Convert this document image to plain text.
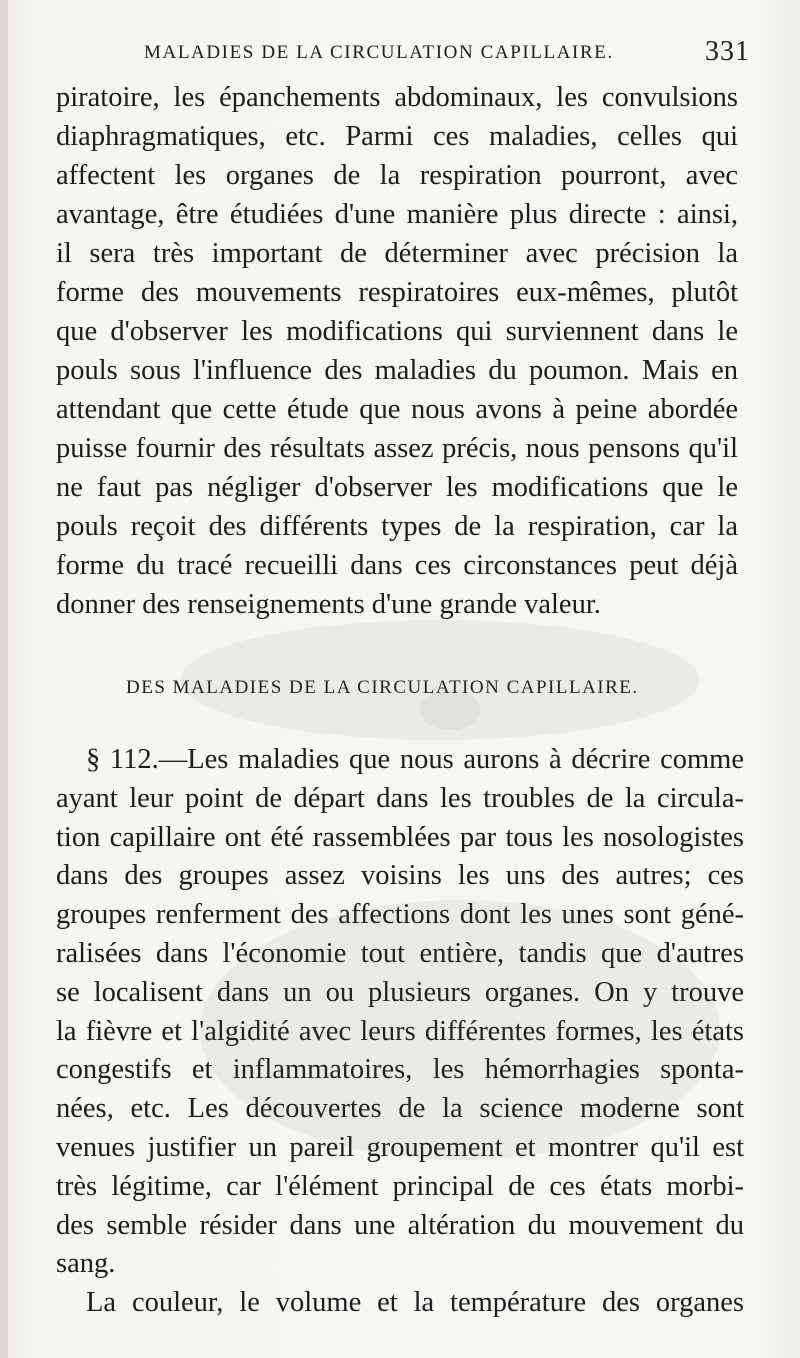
MALADIES DE LA CIRCULATION CAPILLAIRE.	331
piratoire, les épanchements abdominaux, les convulsions
diaphragmatiques, etc. Parmi ces maladies, celles qui
affectent les organes de la respiration pourront, avec
avantage, être étudiées d'une manière plus directe : ainsi,
il sera très important de déterminer avec précision la
forme des mouvements respiratoires eux-mêmes, plutôt
que d'observer les modifications qui surviennent dans le
pouls sous l'influence des maladies du poumon. Mais en
attendant que cette étude que nous avons à peine abordée
puisse fournir des résultats assez précis, nous pensons qu'il
ne faut pas négliger d'observer les modifications que le
pouls reçoit des différents types de la respiration, car la
forme du tracé recueilli dans ces circonstances peut déjà
donner des renseignements d'une grande valeur.
DES MALADIES DE LA CIRCULATION CAPILLAIRE.
§ 112.—Les maladies que nous aurons à décrire comme
ayant leur point de départ dans les troubles de la circula-
tion capillaire ont été rassemblées par tous les nosologistes
dans des groupes assez voisins les uns des autres; ces
groupes renferment des affections dont les unes sont géné-
ralisées dans l'économie tout entière, tandis que d'autres
se localisent dans un ou plusieurs organes. On y trouve
la fièvre et l'algidité avec leurs différentes formes, les états
congestifs et inflammatoires, les hémorrhagies sponta-
nées, etc. Les découvertes de la science moderne sont
venues justifier un pareil groupement et montrer qu'il est
très légitime, car l'élément principal de ces états morbi-
des semble résider dans une altération du mouvement du
sang.
La couleur, le volume et la température des organes
